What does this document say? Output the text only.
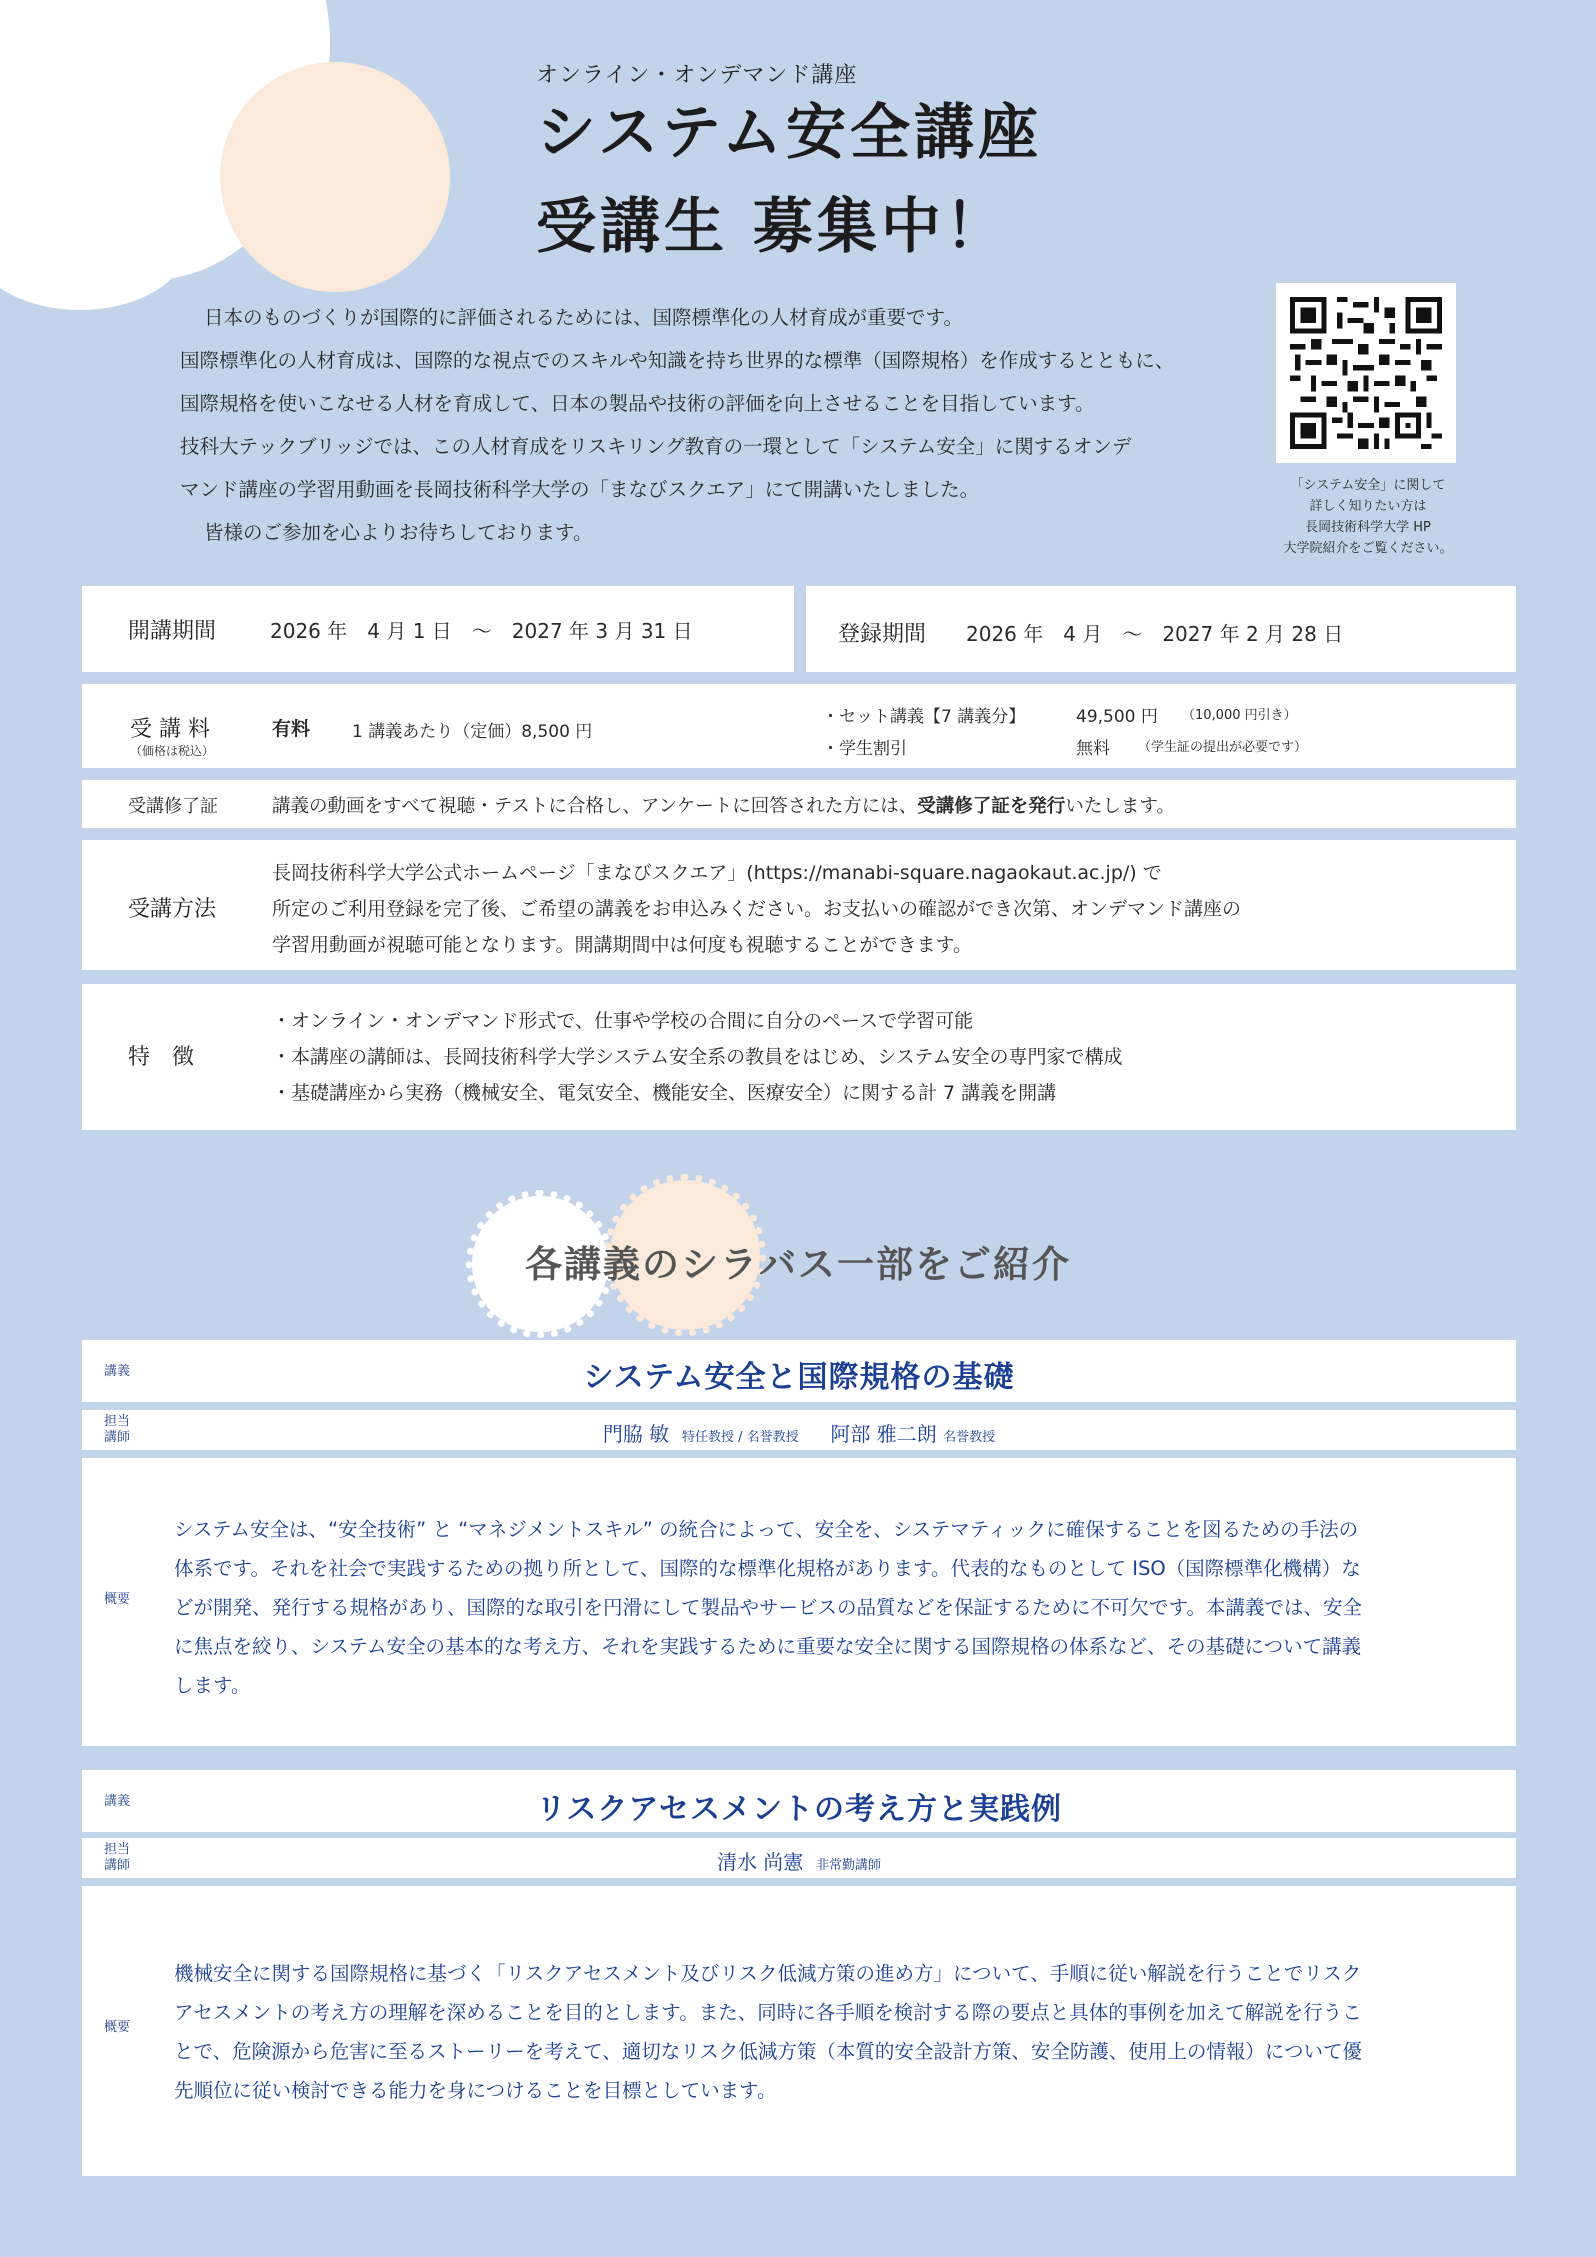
オンライン・オンデマンド講座
システム安全講座
受講生 募集中！

日本のものづくりが国際的に評価されるためには、国際標準化の人材育成が重要です。

国際標準化の人材育成は、国際的な視点でのスキルや知識を持ち世界的な標準（国際規格）を作成するとともに、

国際規格を使いこなせる人材を育成して、日本の製品や技術の評価を向上させることを目指しています。

技科大テックブリッジでは、この人材育成をリスキリング教育の一環として「システム安全」に関するオンデ

マンド講座の学習用動画を長岡技術科学大学の「まなびスクエア」にて開講いたしました。

皆様のご参加を心よりお待ちしております。

「システム安全」に関して
詳しく知りたい方は
長岡技術科学大学 HP
大学院紹介をご覧ください。
開講期間	2026 年　4 月 1 日　～　2027 年 3 月 31 日	登録期間 2026 年　4 月　～　2027 年 2 月 28 日
受 講 料
（価格は税込）
有料 1 講義あたり（定価）8,500 円
・セット講義【7 講義分】	49,500 円 （10,000 円引き）
・学生割引	無料 （学生証の提出が必要です）
受講修了証	講義の動画をすべて視聴・テストに合格し、アンケートに回答された方には、受講修了証を発行いたします。
受講方法
長岡技術科学大学公式ホームページ「まなびスクエア」(https://manabi-square.nagaokaut.ac.jp/) で
所定のご利用登録を完了後、ご希望の講義をお申込みください。お支払いの確認ができ次第、オンデマンド講座の
学習用動画が視聴可能となります。開講期間中は何度も視聴することができます。
特　徴
・オンライン・オンデマンド形式で、仕事や学校の合間に自分のペースで学習可能
・本講座の講師は、長岡技術科学大学システム安全系の教員をはじめ、システム安全の専門家で構成
・基礎講座から実務（機械安全、電気安全、機能安全、医療安全）に関する計 7 講義を開講
各講義のシラバス一部をご紹介
講義	システム安全と国際規格の基礎
担当
講師	門脇 敏 特任教授 / 名誉教授 阿部 雅二朗 名誉教授
概要

システム安全は、“安全技術” と “マネジメントスキル” の統合によって、安全を、システマティックに確保することを図るための手法の

体系です。それを社会で実践するための拠り所として、国際的な標準化規格があります。代表的なものとして ISO（国際標準化機構）な

どが開発、発行する規格があり、国際的な取引を円滑にして製品やサービスの品質などを保証するために不可欠です。本講義では、安全

に焦点を絞り、システム安全の基本的な考え方、それを実践するために重要な安全に関する国際規格の体系など、その基礎について講義

します。

講義	リスクアセスメントの考え方と実践例
担当
講師	清水 尚憲 非常勤講師
概要

機械安全に関する国際規格に基づく「リスクアセスメント及びリスク低減方策の進め方」について、手順に従い解説を行うことでリスク

アセスメントの考え方の理解を深めることを目的とします。また、同時に各手順を検討する際の要点と具体的事例を加えて解説を行うこ

とで、危険源から危害に至るストーリーを考えて、適切なリスク低減方策（本質的安全設計方策、安全防護、使用上の情報）について優

先順位に従い検討できる能力を身につけることを目標としています。
